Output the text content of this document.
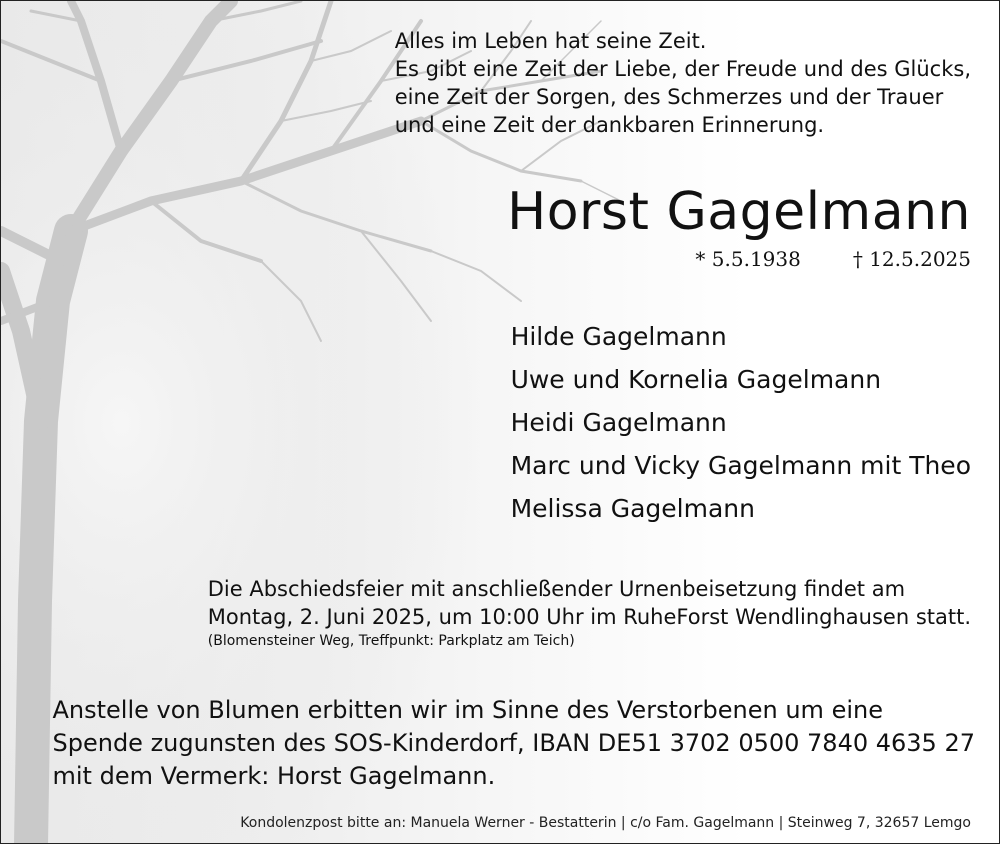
Alles im Leben hat seine Zeit.
Es gibt eine Zeit der Liebe, der Freude und des Glücks,
eine Zeit der Sorgen, des Schmerzes und der Trauer
und eine Zeit der dankbaren Erinnerung.
Horst Gagelmann
* 5.5.1938	† 12.5.2025
Hilde Gagelmann
Uwe und Kornelia Gagelmann
Heidi Gagelmann
Marc und Vicky Gagelmann mit Theo
Melissa Gagelmann
Die Abschiedsfeier mit anschließender Urnenbeisetzung findet am
Montag, 2. Juni 2025, um 10:00 Uhr im RuheForst Wendlinghausen statt.
(Blomensteiner Weg, Treffpunkt: Parkplatz am Teich)
Anstelle von Blumen erbitten wir im Sinne des Verstorbenen um eine
Spende zugunsten des SOS-Kinderdorf, IBAN DE51 3702 0500 7840 4635 27
mit dem Vermerk: Horst Gagelmann.
Kondolenzpost bitte an: Manuela Werner - Bestatterin | c/o Fam. Gagelmann | Steinweg 7, 32657 Lemgo
